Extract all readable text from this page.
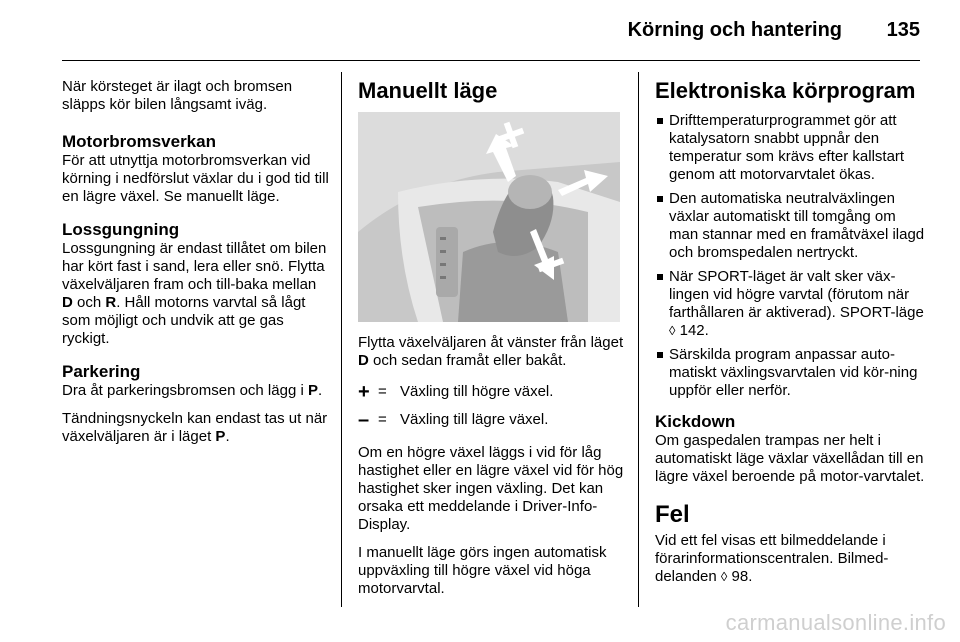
Körning och hantering 135

När körsteget är ilagt och bromsen släpps kör bilen långsamt iväg.

Motorbromsverkan

För att utnyttja motorbromsverkan vid körning i nedförslut växlar du i god tid till en lägre växel. Se manuellt läge.

Lossgungning

Lossgungning är endast tillåtet om bilen har kört fast i sand, lera eller snö. Flytta växelväljaren fram och till-baka mellan D och R. Håll motorns varvtal så lågt som möjligt och undvik att ge gas ryckigt.

Parkering

Dra åt parkeringsbromsen och lägg i P.

Tändningsnyckeln kan endast tas ut när växelväljaren är i läget P.

Manuellt läge

Flytta växelväljaren åt vänster från läget D och sedan framåt eller bakåt.

+ = Växling till högre växel.
– = Växling till lägre växel.

Om en högre växel läggs i vid för låg hastighet eller en lägre växel vid för hög hastighet sker ingen växling. Det kan orsaka ett meddelande i Driver-Info-Display.

I manuellt läge görs ingen automatisk uppväxling till högre växel vid höga motorvarvtal.

Elektroniska körprogram
Drifttemperaturprogrammet gör att katalysatorn snabbt uppnår den temperatur som krävs efter kallstart genom att motorvarvtalet ökas.
Den automatiska neutralväxlingen växlar automatiskt till tomgång om man stannar med en framåtväxel ilagd och bromspedalen nertryckt.
När SPORT-läget är valt sker väx-lingen vid högre varvtal (förutom när farthållaren är aktiverad). SPORT-läge ◊ 142.
Särskilda program anpassar auto-matiskt växlingsvarvtalen vid kör-ning uppför eller nerför.
Kickdown

Om gaspedalen trampas ner helt i automatiskt läge växlar växellådan till en lägre växel beroende på motor-varvtalet.

Fel

Vid ett fel visas ett bilmeddelande i förarinformationscentralen. Bilmed-delanden ◊ 98.

carmanualsonline.info
